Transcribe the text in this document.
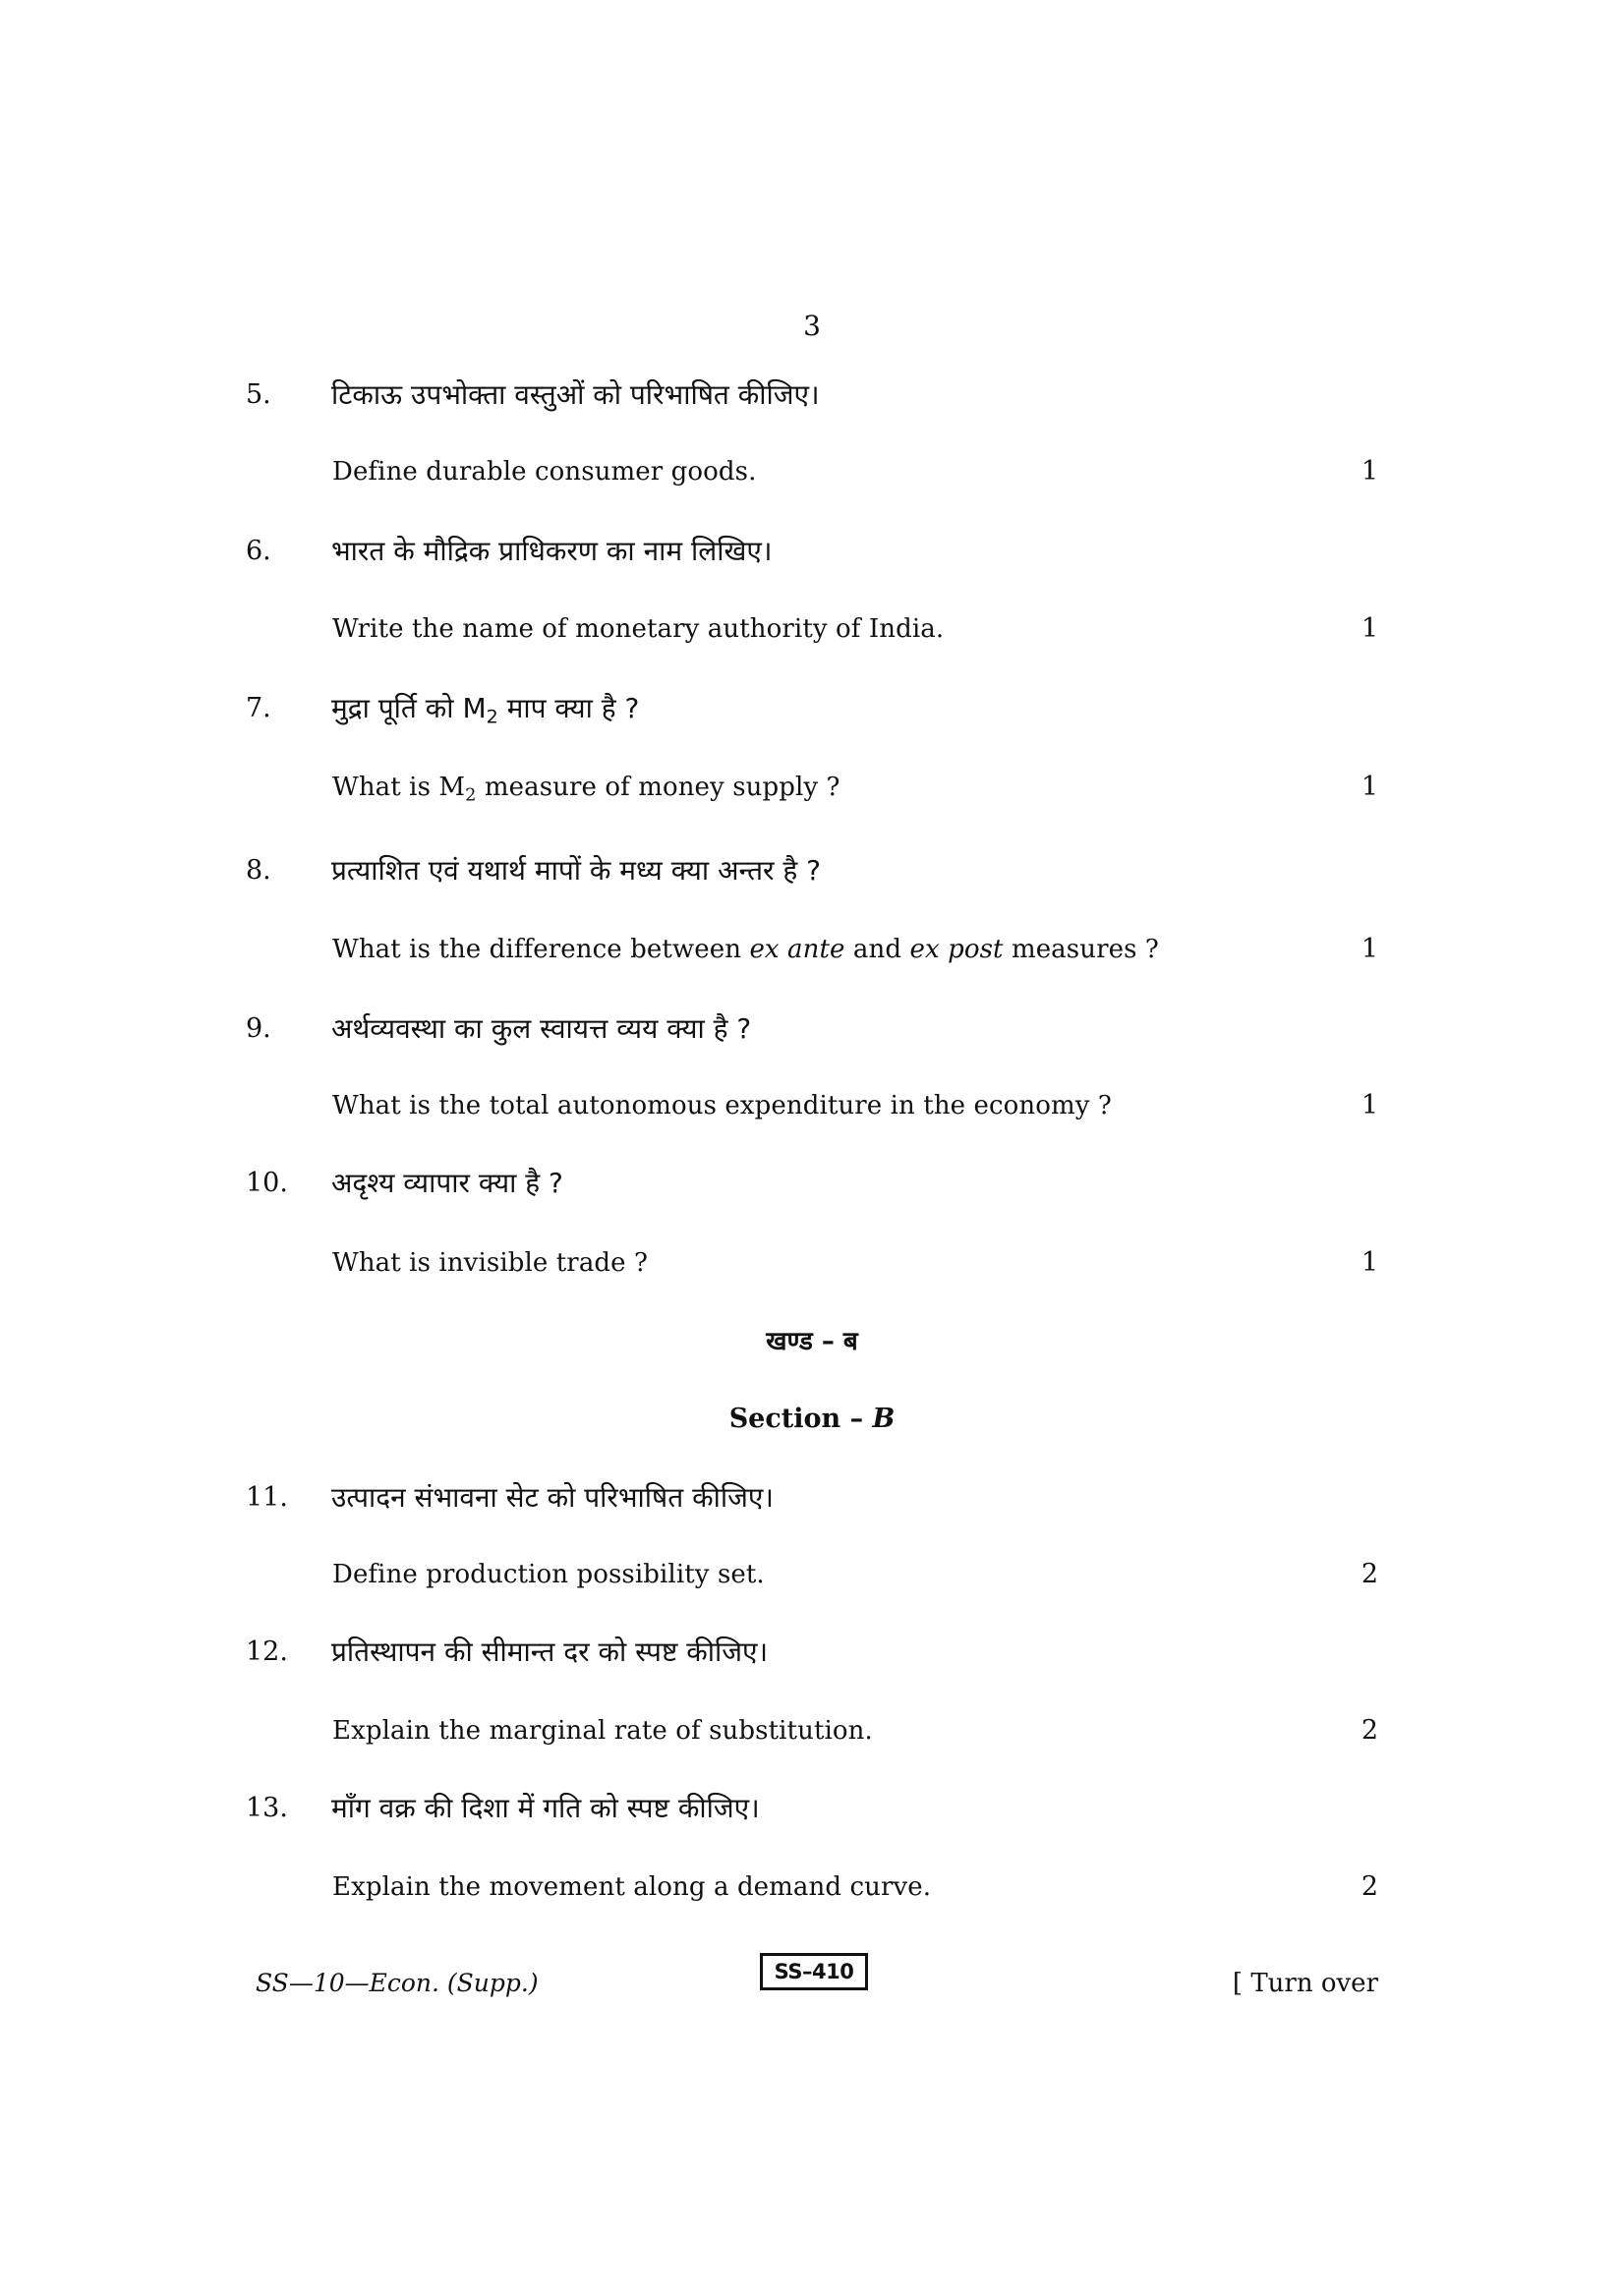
3
5.	टिकाऊ उपभोक्ता वस्तुओं को परिभाषित कीजिए।
Define durable consumer goods.	1
6.	भारत के मौद्रिक प्राधिकरण का नाम लिखिए।
Write the name of monetary authority of India.	1
7.	मुद्रा पूर्ति को $M_2$ माप क्या है ?
What is $M_2$ measure of money supply ?	1
8.	प्रत्याशित एवं यथार्थ मापों के मध्य क्या अन्तर है ?
What is the difference between ex ante and ex post measures ?	1
9.	अर्थव्यवस्था का कुल स्वायत्त व्यय क्या है ?
What is the total autonomous expenditure in the economy ?	1
10.	अदृश्य व्यापार क्या है ?
What is invisible trade ?	1
खण्ड – ब
Section – B
11.	उत्पादन संभावना सेट को परिभाषित कीजिए।
Define production possibility set.	2
12.	प्रतिस्थापन की सीमान्त दर को स्पष्ट कीजिए।
Explain the marginal rate of substitution.	2
13.	माँग वक्र की दिशा में गति को स्पष्ट कीजिए।
Explain the movement along a demand curve.	2
SS—10—Econ. (Supp.)	SS–410	[ Turn over
